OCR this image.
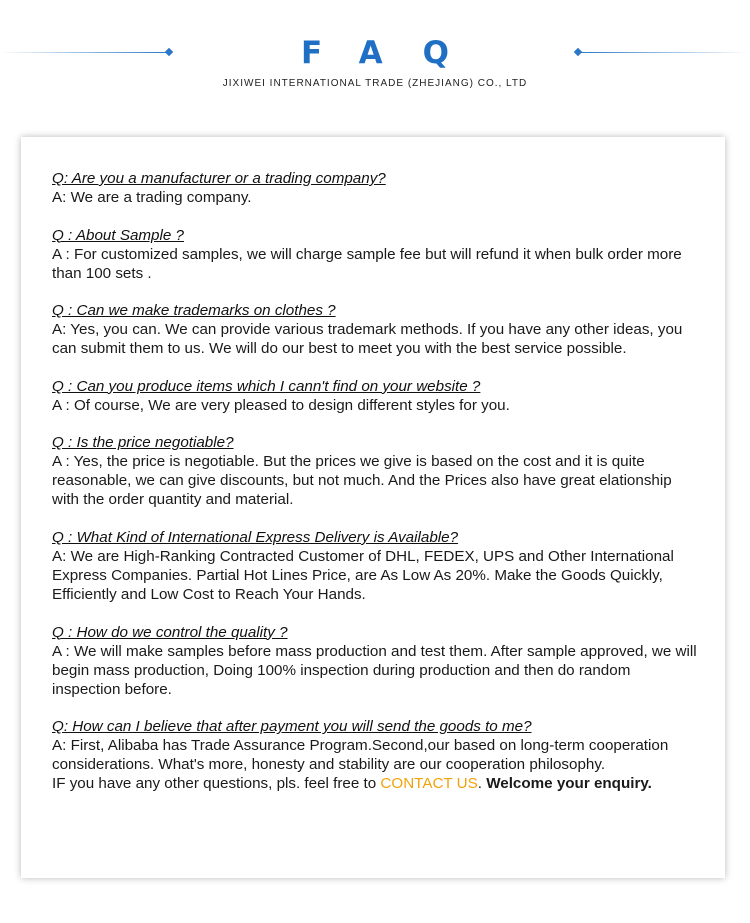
FAQ
JIXIWEI INTERNATIONAL TRADE (ZHEJIANG) CO., LTD
Q: Are you a manufacturer or a trading company?
A: We are a trading company.
Q : About Sample ?
A : For customized samples, we will charge sample fee but will refund it when bulk order more than 100 sets .
Q : Can we make trademarks on clothes ?
A: Yes, you can. We can provide various trademark methods. If you have any other ideas, you can submit them to us. We will do our best to meet you with the best service possible.
Q : Can you produce items which I cann't find on your website ?
A : Of course, We are very pleased to design different styles for you.
Q : Is the price negotiable?
A : Yes, the price is negotiable. But the prices we give is based on the cost and it is quite reasonable, we can give discounts, but not much. And the Prices also have great elationship with the order quantity and material.
Q : What Kind of International Express Delivery is Available?
A: We are High-Ranking Contracted Customer of DHL, FEDEX, UPS and Other International Express Companies. Partial Hot Lines Price, are As Low As 20%. Make the Goods Quickly, Efficiently and Low Cost to Reach Your Hands.
Q : How do we control the quality ?
A : We will make samples before mass production and test them. After sample approved, we will begin mass production, Doing 100% inspection during production and then do random inspection before.
Q: How can I believe that after payment you will send the goods to me?
A: First, Alibaba has Trade Assurance Program.Second,our based on long-term cooperation considerations. What's more, honesty and stability are our cooperation philosophy.
IF you have any other questions, pls. feel free to CONTACT US. Welcome your enquiry.
